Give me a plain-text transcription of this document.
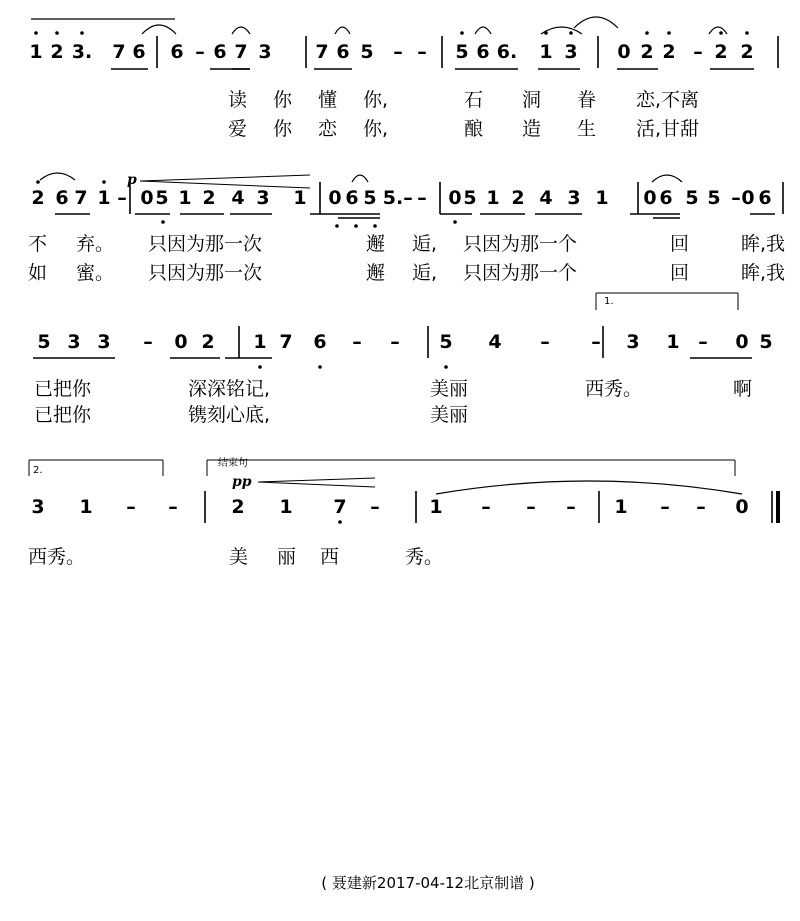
1 2 3. 7 6 6 – 6 7 3 7 6 5 – – 5 6 6. 1 3 0 2 2 – 2 2
2 6 7 1 – 0 5 1 2 4 3 1 0 6 5 5. – – 0 5 1 2 4 3 1 0 6 5 5 – 0 6
5 3 3 – 0 2 1 7 6 – – 5 4 – – 3 1 – 0 5
3 1 – –	2 1 7 –	1 – – – 1 – – 0
读 你 懂 你,	石 洞 眷 恋,不离
爱 你 恋 你,	酿 造 生 活,甘甜
不 弃。 只因为那一次	邂 逅, 只因为那一个	回	眸,我
如 蜜。 只因为那一次	邂 逅, 只因为那一个	回	眸,我
已把你	深深铭记,	美丽	西秀。	啊
已把你	镌刻心底,	美丽
西秀。	美 丽 西	秀。
p
1.
2.
结束句
pp
( 聂建新2017-04-12北京制谱 )
